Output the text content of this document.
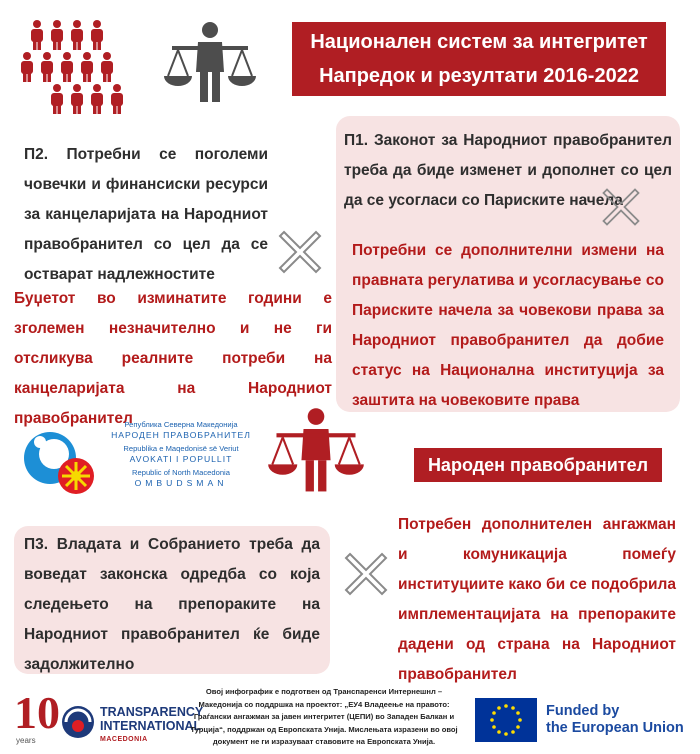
Национален систем за интегритет
Напредок и резултати 2016-2022
П2. Потребни се поголеми човечки и финансиски ресурси за канцеларијата на Народниот правобранител со цел да се остварат надлежностите
Буџетот во изминатите години е зголемен незначително и не ги отсликува реалните потреби на канцеларијата на Народниот правобранител
П1. Законот за Народниот правобранител треба да биде изменет и дополнет со цел да се усогласи со Париските начела
Потребни се дополнителни измени на правната регулатива и усогласување со Париските начела за човекови права за Народниот правобранител да добие статус на Национална институција за заштита на човековите права
Република Северна Македонија
НАРОДЕН ПРАВОБРАНИТЕЛ
Republika e Maqedonisë së Veriut
AVOKATI I POPULLIT
Republic of North Macedonia
OMBUDSMAN
Народен правобранител
П3. Владата и Собранието треба да воведат законска одредба со која следењето на препораките на Народниот правобранител ќе биде задолжително
Потребен дополнителен ангажман и комуникација помеѓу институциите како би се подобрила имплементацијата на препораките дадени од страна на Народниот правобранител
10
years
TRANSPARENCY
INTERNATIONAL
MACEDONIA
Овој инфографик е подготвен од Транспаренси Интернешнл – Македонија со поддршка на проектот: „ЕУ4 Владеење на правото: Граѓански ангажман за јавен интегритет (ЦЕПИ) во Западен Балкан и Турција“, поддржан од Европската Унија. Мислењата изразени во овој документ не ги изразуваат ставовите на Европската Унија.
Funded by
the European Union
